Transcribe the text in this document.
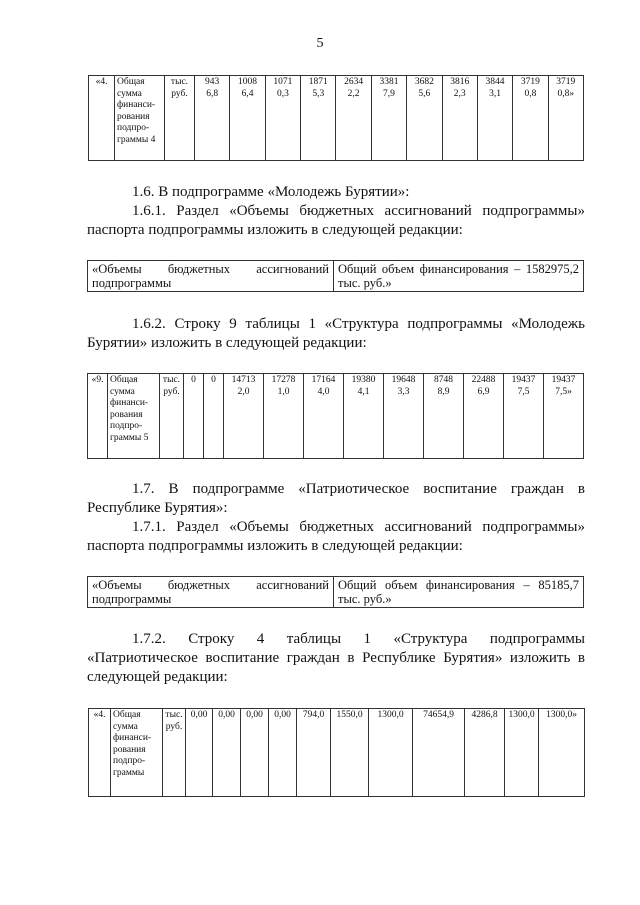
5
«4.	Общая
сумма
финанси-
рования
подпро-
граммы 4	тыс.
руб.	943
6,8	1008
6,4	1071
0,3	1871
5,3	2634
2,2	3381
7,9	3682
5,6	3816
2,3	3844
3,1	3719
0,8	3719
0,8»

1.6. В подпрограмме «Молодежь Бурятии»:

1.6.1. Раздел «Объемы бюджетных ассигнований подпрограммы» паспорта подпрограммы изложить в следующей редакции:

«Объемы бюджетных ассигнований подпрограммы	Общий объем финансирования – 1582975,2 тыс. руб.»

1.6.2. Строку 9 таблицы 1 «Структура подпрограммы «Молодежь Бурятии» изложить в следующей редакции:

«9.	Общая
сумма
финанси-
рования
подпро-
граммы 5	тыс.
руб.	0	0	14713
2,0	17278
1,0	17164
4,0	19380
4,1	19648
3,3	8748
8,9	22488
6,9	19437
7,5	19437
7,5»

1.7. В подпрограмме «Патриотическое воспитание граждан в Республике Бурятия»:

1.7.1. Раздел «Объемы бюджетных ассигнований подпрограммы» паспорта подпрограммы изложить в следующей редакции:

«Объемы бюджетных ассигнований подпрограммы	Общий объем финансирования – 85185,7 тыс. руб.»

1.7.2. Строку 4 таблицы 1 «Структура подпрограммы «Патриотическое воспитание граждан в Республике Бурятия» изложить в следующей редакции:

«4.	Общая
сумма
финанси-
рования
подпро-
граммы	тыс.
руб.	0,00	0,00	0,00	0,00	794,0	1550,0	1300,0	74654,9	4286,8	1300,0	1300,0»
